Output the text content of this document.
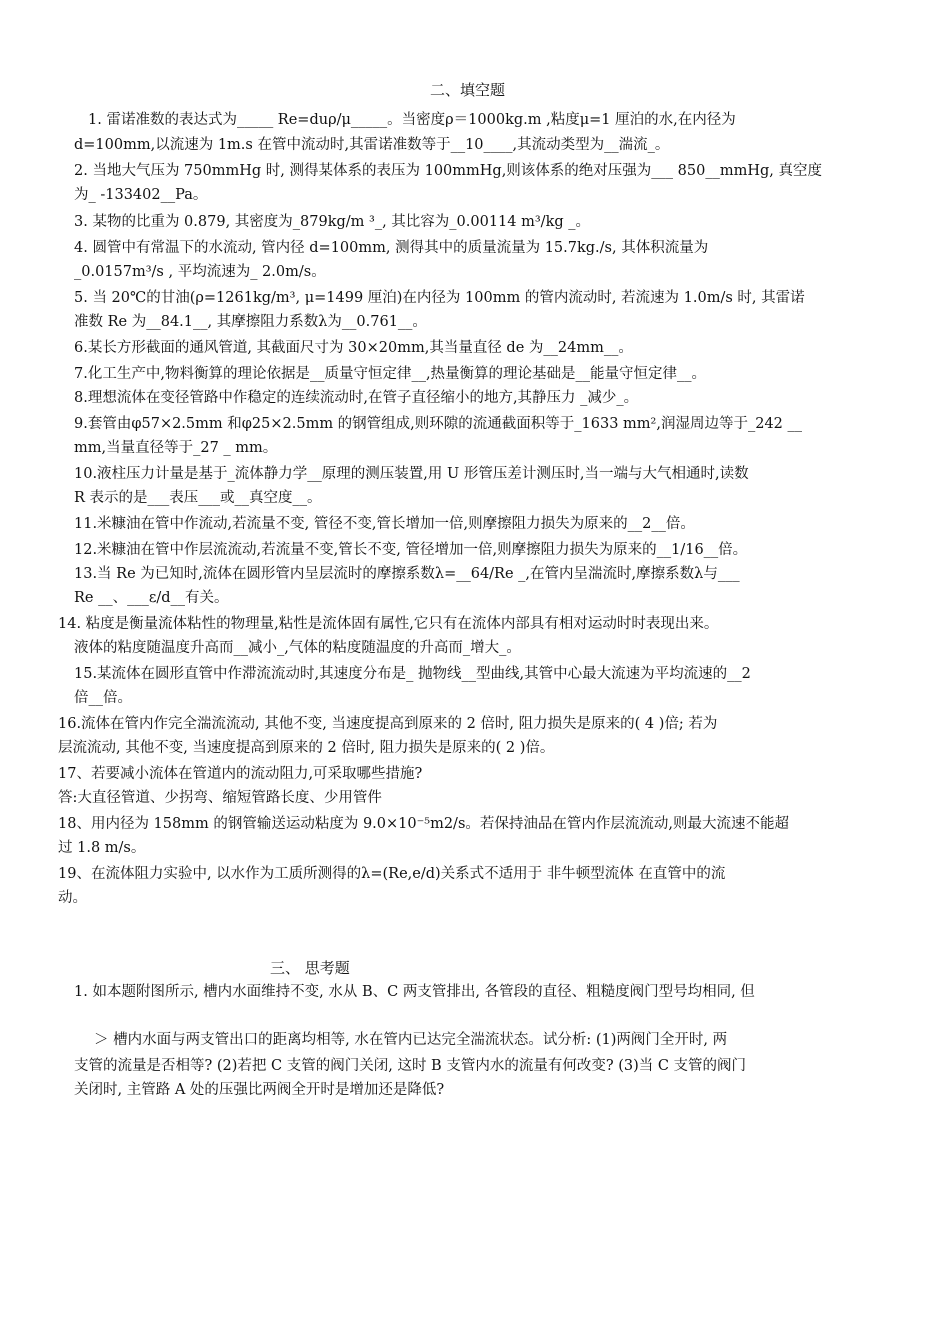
二、填空题
1. 雷诺准数的表达式为_____ Re=duρ/μ_____。当密度ρ＝1000kg.m ,粘度μ=1 厘泊的水,在内径为
d=100mm,以流速为 1m.s 在管中流动时,其雷诺准数等于__10____,其流动类型为__湍流_。
2. 当地大气压为 750mmHg 时, 测得某体系的表压为 100mmHg,则该体系的绝对压强为___ 850__mmHg, 真空度
为_ -133402__Pa。
3. 某物的比重为 0.879, 其密度为_879kg/m ³_, 其比容为_0.00114 m³/kg _。
4. 圆管中有常温下的水流动, 管内径 d=100mm, 测得其中的质量流量为 15.7kg./s, 其体积流量为
_0.0157m³/s , 平均流速为_ 2.0m/s。
5. 当 20℃的甘油(ρ=1261kg/m³, μ=1499 厘泊)在内径为 100mm 的管内流动时, 若流速为 1.0m/s 时, 其雷诺
准数 Re 为__84.1__, 其摩擦阻力系数λ为__0.761__。
6.某长方形截面的通风管道, 其截面尺寸为 30×20mm,其当量直径 de 为__24mm__。
7.化工生产中,物料衡算的理论依据是__质量守恒定律__,热量衡算的理论基础是__能量守恒定律__。
8.理想流体在变径管路中作稳定的连续流动时,在管子直径缩小的地方,其静压力 _减少_。
9.套管由φ57×2.5mm 和φ25×2.5mm 的钢管组成,则环隙的流通截面积等于_1633 mm²,润湿周边等于_242 __
mm,当量直径等于_27 _ mm。
10.液柱压力计量是基于_流体静力学__原理的测压装置,用 U 形管压差计测压时,当一端与大气相通时,读数
R 表示的是___表压___或__真空度__。
11.米糠油在管中作流动,若流量不变, 管径不变,管长增加一倍,则摩擦阻力损失为原来的__2__倍。
12.米糠油在管中作层流流动,若流量不变,管长不变, 管径增加一倍,则摩擦阻力损失为原来的__1/16__倍。
13.当 Re 为已知时,流体在圆形管内呈层流时的摩擦系数λ=__64/Re _,在管内呈湍流时,摩擦系数λ与___
Re __、___ε/d__有关。
14. 粘度是衡量流体粘性的物理量,粘性是流体固有属性,它只有在流体内部具有相对运动时时表现出来。
液体的粘度随温度升高而__减小_,气体的粘度随温度的升高而_增大_。
15.某流体在圆形直管中作滞流流动时,其速度分布是_ 抛物线__型曲线,其管中心最大流速为平均流速的__2
倍__倍。
16.流体在管内作完全湍流流动, 其他不变, 当速度提高到原来的 2 倍时, 阻力损失是原来的( 4 )倍; 若为
层流流动, 其他不变, 当速度提高到原来的 2 倍时, 阻力损失是原来的( 2 )倍。
17、若要减小流体在管道内的流动阻力,可采取哪些措施?
答:大直径管道、少拐弯、缩短管路长度、少用管件
18、用内径为 158mm 的钢管输送运动粘度为 9.0×10⁻⁵m2/s。若保持油品在管内作层流流动,则最大流速不能超
过 1.8 m/s。
19、在流体阻力实验中, 以水作为工质所测得的λ=(Re,e/d)关系式不适用于 非牛顿型流体 在直管中的流
动。
三、 思考题
1. 如本题附图所示, 槽内水面维持不变, 水从 B、C 两支管排出, 各管段的直径、粗糙度阀门型号均相同, 但
＞ 槽内水面与两支管出口的距离均相等, 水在管内已达完全湍流状态。试分析: (1)两阀门全开时, 两
支管的流量是否相等? (2)若把 C 支管的阀门关闭, 这时 B 支管内水的流量有何改变? (3)当 C 支管的阀门
关闭时, 主管路 A 处的压强比两阀全开时是增加还是降低?
